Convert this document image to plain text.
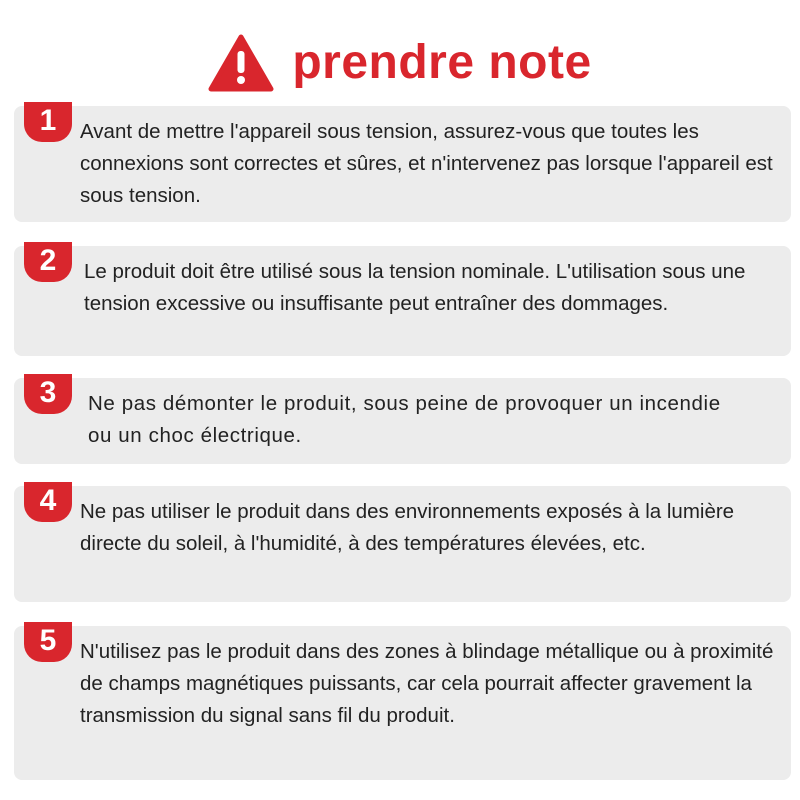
prendre note
1	Avant de mettre l'appareil sous tension, assurez-vous que toutes les connexions sont correctes et sûres, et n'intervenez pas lorsque l'appareil est sous tension.
2	Le produit doit être utilisé sous la tension nominale. L'utilisation sous une tension excessive ou insuffisante peut entraîner des dommages.
3	Ne pas démonter le produit, sous peine de provoquer un incendie ou un choc électrique.
4	Ne pas utiliser le produit dans des environnements exposés à la lumière directe du soleil, à l'humidité, à des températures élevées, etc.
5	N'utilisez pas le produit dans des zones à blindage métallique ou à proximité de champs magnétiques puissants, car cela pourrait affecter gravement la transmission du signal sans fil du produit.
